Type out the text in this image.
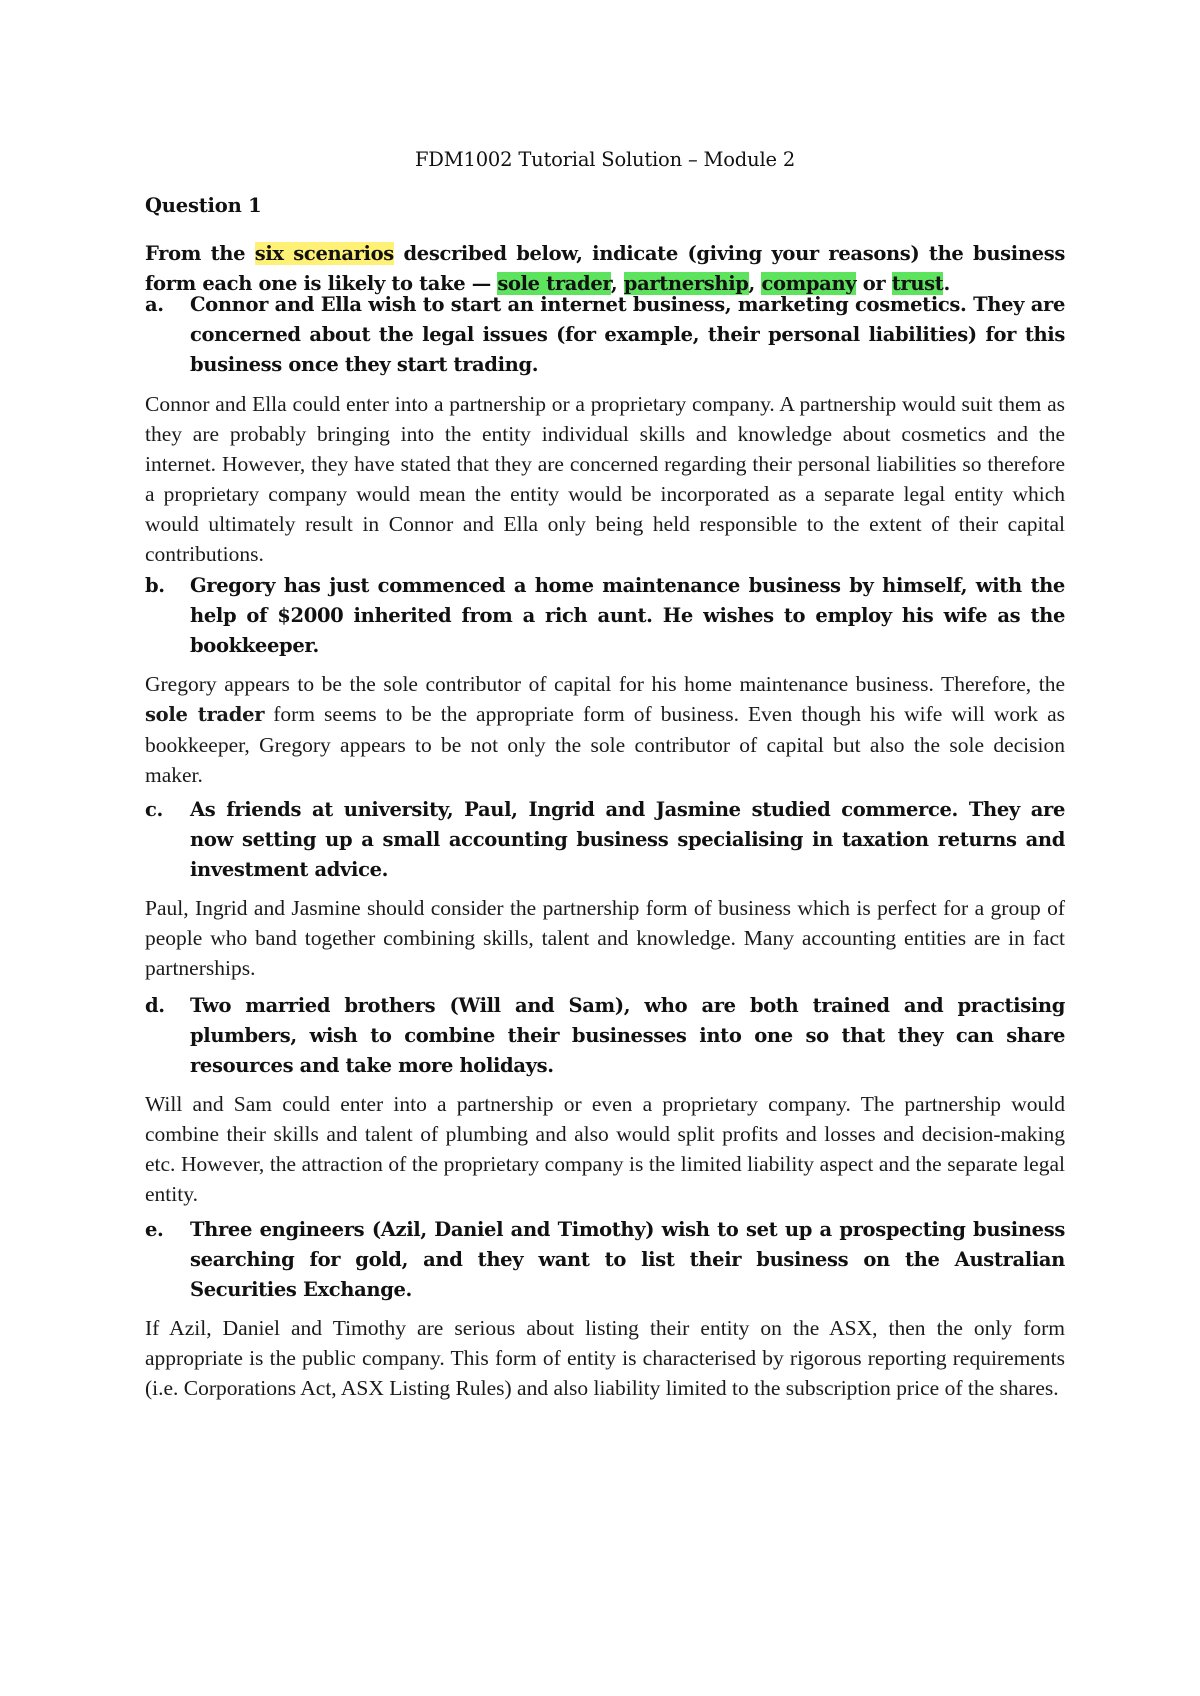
FDM1002 Tutorial Solution – Module 2
Question 1
From the six scenarios described below, indicate (giving your reasons) the business form each one is likely to take — sole trader, partnership, company or trust.
a. Connor and Ella wish to start an internet business, marketing cosmetics. They are concerned about the legal issues (for example, their personal liabilities) for this business once they start trading.
Connor and Ella could enter into a partnership or a proprietary company. A partnership would suit them as they are probably bringing into the entity individual skills and knowledge about cosmetics and the internet. However, they have stated that they are concerned regarding their personal liabilities so therefore a proprietary company would mean the entity would be incorporated as a separate legal entity which would ultimately result in Connor and Ella only being held responsible to the extent of their capital contributions.
b. Gregory has just commenced a home maintenance business by himself, with the help of $2000 inherited from a rich aunt. He wishes to employ his wife as the bookkeeper.
Gregory appears to be the sole contributor of capital for his home maintenance business. Therefore, the sole trader form seems to be the appropriate form of business. Even though his wife will work as bookkeeper, Gregory appears to be not only the sole contributor of capital but also the sole decision maker.
c. As friends at university, Paul, Ingrid and Jasmine studied commerce. They are now setting up a small accounting business specialising in taxation returns and investment advice.
Paul, Ingrid and Jasmine should consider the partnership form of business which is perfect for a group of people who band together combining skills, talent and knowledge. Many accounting entities are in fact partnerships.
d. Two married brothers (Will and Sam), who are both trained and practising plumbers, wish to combine their businesses into one so that they can share resources and take more holidays.
Will and Sam could enter into a partnership or even a proprietary company. The partnership would combine their skills and talent of plumbing and also would split profits and losses and decision-making etc. However, the attraction of the proprietary company is the limited liability aspect and the separate legal entity.
e. Three engineers (Azil, Daniel and Timothy) wish to set up a prospecting business searching for gold, and they want to list their business on the Australian Securities Exchange.
If Azil, Daniel and Timothy are serious about listing their entity on the ASX, then the only form appropriate is the public company. This form of entity is characterised by rigorous reporting requirements (i.e. Corporations Act, ASX Listing Rules) and also liability limited to the subscription price of the shares.
